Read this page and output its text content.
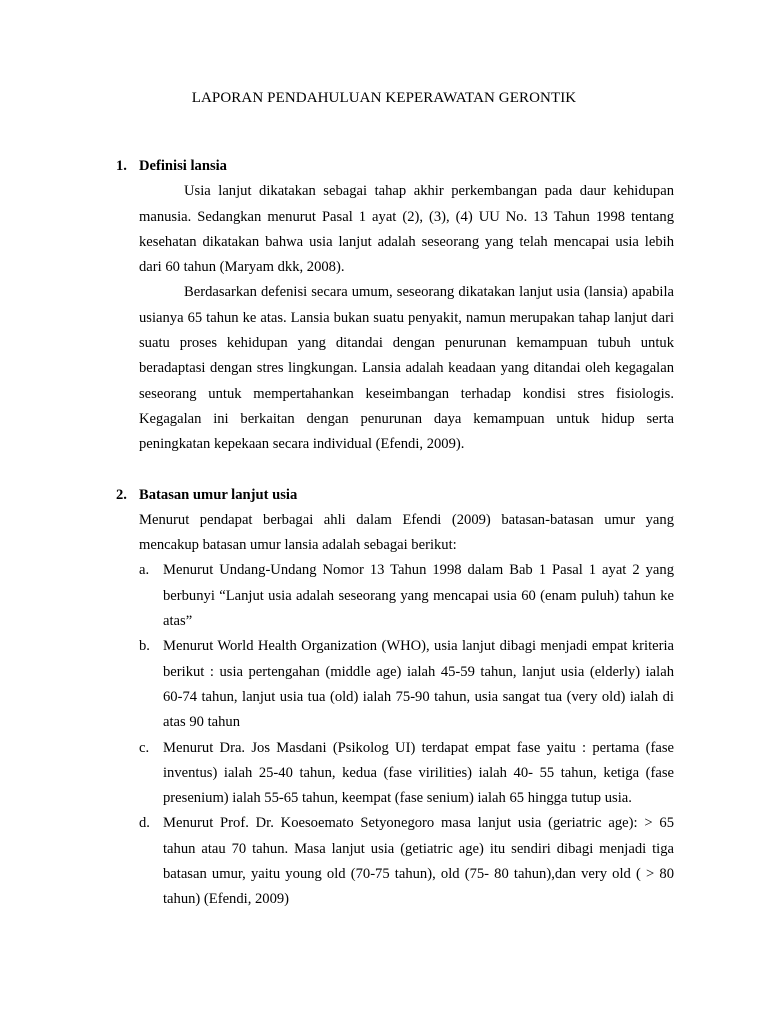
LAPORAN PENDAHULUAN KEPERAWATAN GERONTIK
1. Definisi lansia

Usia lanjut dikatakan sebagai tahap akhir perkembangan pada daur kehidupan manusia. Sedangkan menurut Pasal 1 ayat (2), (3), (4) UU No. 13 Tahun 1998 tentang kesehatan dikatakan bahwa usia lanjut adalah seseorang yang telah mencapai usia lebih dari 60 tahun (Maryam dkk, 2008).

Berdasarkan defenisi secara umum, seseorang dikatakan lanjut usia (lansia) apabila usianya 65 tahun ke atas. Lansia bukan suatu penyakit, namun merupakan tahap lanjut dari suatu proses kehidupan yang ditandai dengan penurunan kemampuan tubuh untuk beradaptasi dengan stres lingkungan. Lansia adalah keadaan yang ditandai oleh kegagalan seseorang untuk mempertahankan keseimbangan terhadap kondisi stres fisiologis. Kegagalan ini berkaitan dengan penurunan daya kemampuan untuk hidup serta peningkatan kepekaan secara individual (Efendi, 2009).

2. Batasan umur lanjut usia

Menurut pendapat berbagai ahli dalam Efendi (2009) batasan-batasan umur yang mencakup batasan umur lansia adalah sebagai berikut:

a. Menurut Undang-Undang Nomor 13 Tahun 1998 dalam Bab 1 Pasal 1 ayat 2 yang berbunyi “Lanjut usia adalah seseorang yang mencapai usia 60 (enam puluh) tahun ke atas”
b. Menurut World Health Organization (WHO), usia lanjut dibagi menjadi empat kriteria berikut : usia pertengahan (middle age) ialah 45-59 tahun, lanjut usia (elderly) ialah 60-74 tahun, lanjut usia tua (old) ialah 75-90 tahun, usia sangat tua (very old) ialah di atas 90 tahun
c. Menurut Dra. Jos Masdani (Psikolog UI) terdapat empat fase yaitu : pertama (fase inventus) ialah 25-40 tahun, kedua (fase virilities) ialah 40- 55 tahun, ketiga (fase presenium) ialah 55-65 tahun, keempat (fase senium) ialah 65 hingga tutup usia.
d. Menurut Prof. Dr. Koesoemato Setyonegoro masa lanjut usia (geriatric age): > 65 tahun atau 70 tahun. Masa lanjut usia (getiatric age) itu sendiri dibagi menjadi tiga batasan umur, yaitu young old (70-75 tahun), old (75- 80 tahun),dan very old ( > 80 tahun) (Efendi, 2009)
